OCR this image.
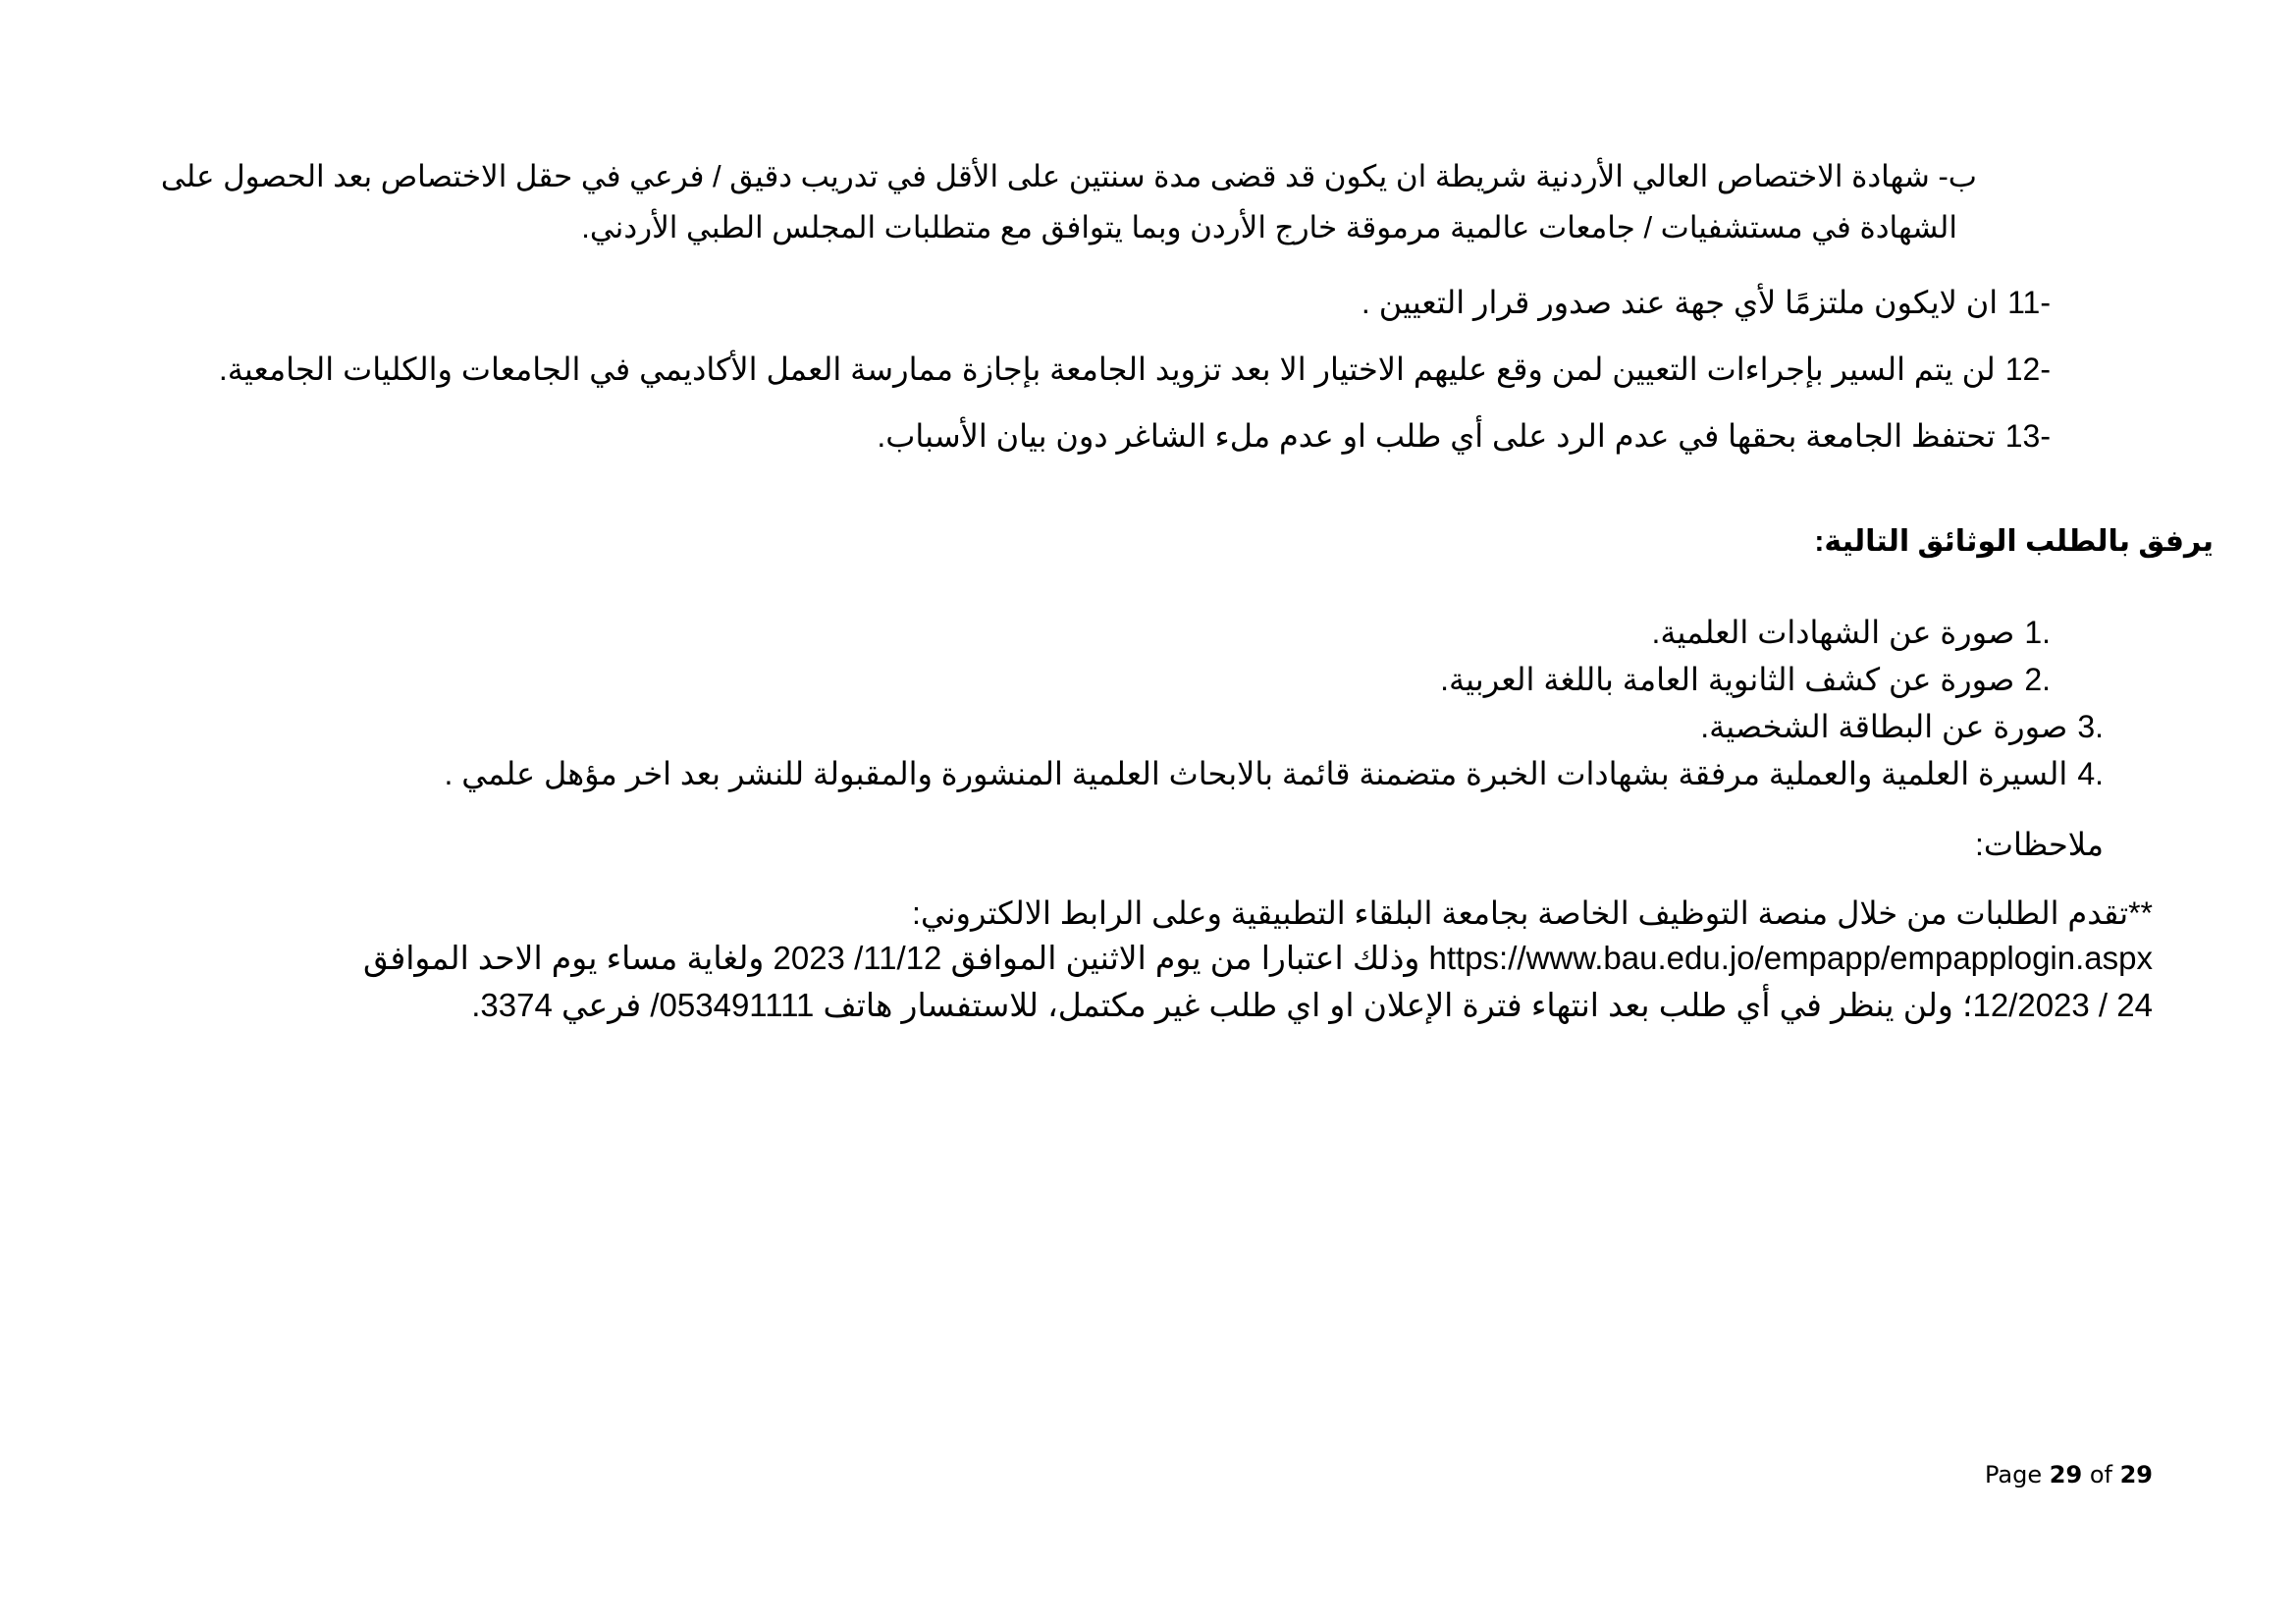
ب- شهادة الاختصاص العالي الأردنية شريطة ان يكون قد قضى مدة سنتين على الأقل في تدريب دقيق / فرعي في حقل الاختصاص بعد الحصول على
الشهادة في مستشفيات / جامعات عالمية مرموقة خارج الأردن وبما يتوافق مع متطلبات المجلس الطبي الأردني.
11-ان لايكون ملتزمًا لأي جهة عند صدور قرار التعيين .
12-لن يتم السير بإجراءات التعيين لمن وقع عليهم الاختيار الا بعد تزويد الجامعة بإجازة ممارسة العمل الأكاديمي في الجامعات والكليات الجامعية.
13-تحتفظ الجامعة بحقها في عدم الرد على أي طلب او عدم ملء الشاغر دون بيان الأسباب.
يرفق بالطلب الوثائق التالية:
1.صورة عن الشهادات العلمية.
2.صورة عن كشف الثانوية العامة باللغة العربية.
3.صورة عن البطاقة الشخصية.
4.السيرة العلمية والعملية مرفقة بشهادات الخبرة متضمنة قائمة بالابحاث العلمية المنشورة والمقبولة للنشر بعد اخر مؤهل علمي .
ملاحظات:
**تقدم الطلبات من خلال منصة التوظيف الخاصة بجامعة البلقاء التطبيقية وعلى الرابط الالكتروني:
https://www.bau.edu.jo/empapp/empapplogin.aspx وذلك اعتبارا من يوم الاثنين الموافق 11/12/ 2023 ولغاية مساء يوم الاحد الموافق
24 / 12/2023؛ ولن ينظر في أي طلب بعد انتهاء فترة الإعلان او اي طلب غير مكتمل، للاستفسار هاتف 053491111/ فرعي 3374.
Page 29 of 29
